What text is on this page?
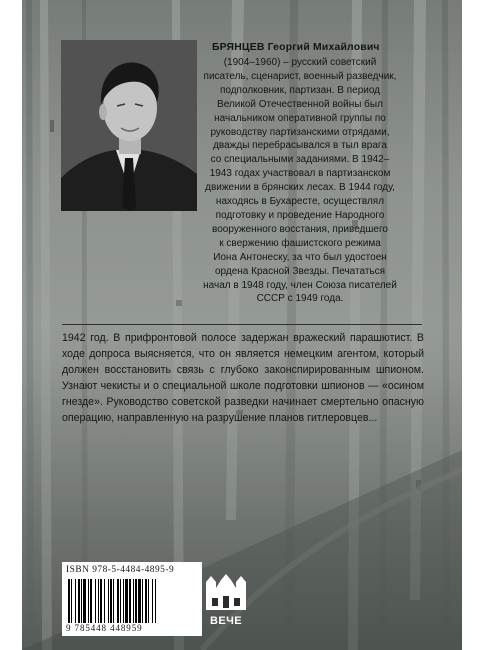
БРЯНЦЕВ Георгий Михайлович
(1904–1960) – русский советский
писатель, сценарист, военный разведчик,
подполковник, партизан. В период
Великой Отечественной войны был
начальником оперативной группы по
руководству партизанскими отрядами,
дважды перебрасывался в тыл врага
со специальными заданиями. В 1942–
1943 годах участвовал в партизанском
движении в брянских лесах. В 1944 году,
находясь в Бухаресте, осуществлял
подготовку и проведение Народного
вооруженного восстания, приведшего
к свержению фашистского режима
Иона Антонеску, за что был удостоен
ордена Красной Звезды. Печататься
начал в 1948 году, член Союза писателей
СССР с 1949 года.
1942 год. В прифронтовой полосе задержан вражеский парашютист. В ходе допроса выясняется, что он является немецким агентом, который должен восстановить связь с глубоко законспирированным шпионом. Узнают чекисты и о специальной школе подготовки шпионов — «осином гнезде». Руководство советской разведки начинает смертельно опасную операцию, направленную на разрушение планов гитлеровцев...
ISBN 978-5-4484-4895-9
9 785448 448959
ВЕЧЕ
